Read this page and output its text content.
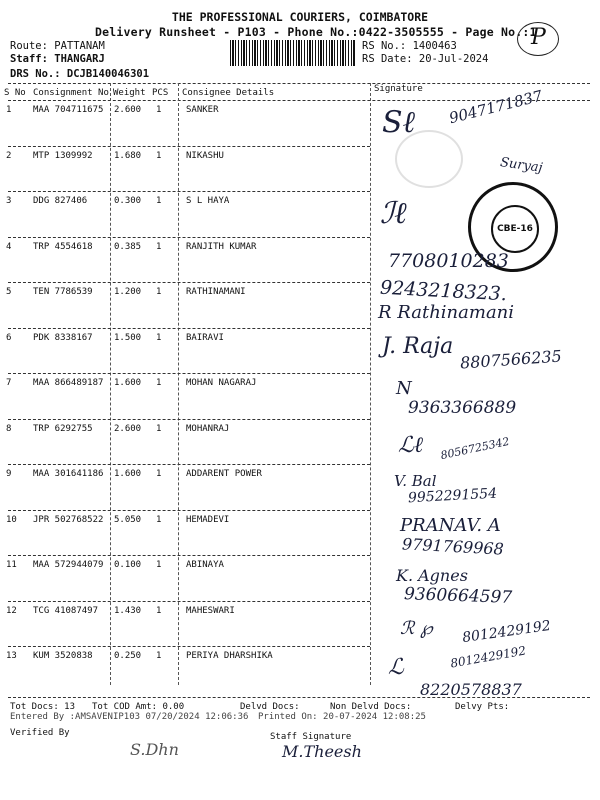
THE PROFESSIONAL COURIERS, COIMBATORE
Delivery Runsheet - P103 - Phone No.:0422-3505555 - Page No.:1
P
Route: PATTANAM
Staff: THANGARJ
DRS No.: DCJB140046301
RS No.: 1400463
RS Date: 20-Jul-2024
S No Consignment No Weight PCS Consignee Details	Signature
1 MAA 704711675 2.600 1	SANKER
2 MTP 1309992 1.680 1	NIKASHU
3 DDG 827406	0.300 1	S L HAYA
4 TRP 4554618 0.385 1	RANJITH KUMAR
5 TEN 7786539 1.200 1	RATHINAMANI
6 PDK 8338167 1.500 1	BAIRAVI
7 MAA 866489187 1.600 1	MOHAN NAGARAJ
8 TRP 6292755 2.600 1	MOHANRAJ
9 MAA 301641186 1.600 1	ADDARENT POWER
10 JPR 502768522 5.050 1	HEMADEVI
11 MAA 572944079 0.100 1	ABINAYA
12 TCG 41087497 1.430 1	MAHESWARI
13 KUM 3520838 0.250 1	PERIYA DHARSHIKA
CBE-16
Ѕℓ 9047171837
Suryaj
ℐℓ
7708010283
9243218323.
R Rathinamani
J. Raja 8807566235
N
9363366889
ℒℓ 8056725342
V. Bal
9952291554
PRANAV. A
9791769968
K. Agnes
9360664597
ℛ ℘ 8012429192
ℒ	8012429192
8220578837
Tot Docs: 13 Tot COD Amt: 0.00	Delvd Docs:	Non Delvd Docs:	Delvy Pts:
Entered By :AMSAVENIP103 07/20/2024 12:06:36 Printed On: 20-07-2024 12:08:25
Verified By	Staff Signature
S.Dhn	M.Theesh
